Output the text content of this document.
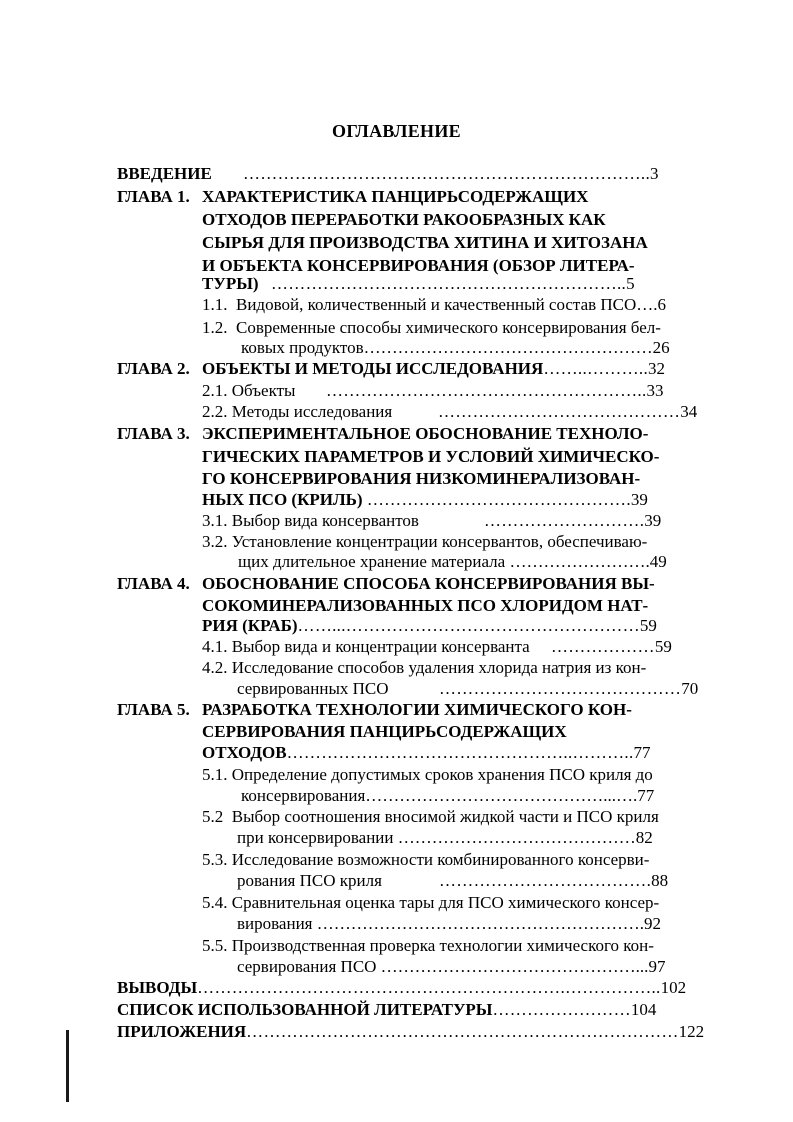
ОГЛАВЛЕНИЕ
ВВЕДЕНИЕ ……………………………………………………………..3
ГЛАВА 1. ХАРАКТЕРИСТИКА ПАНЦИРЬСОДЕРЖАЩИХ
ОТХОДОВ ПЕРЕРАБОТКИ РАКООБРАЗНЫХ КАК
СЫРЬЯ ДЛЯ ПРОИЗВОДСТВА ХИТИНА И ХИТОЗАНА
И ОБЪЕКТА КОНСЕРВИРОВАНИЯ (ОБЗОР ЛИТЕРА-
ТУРЫ) ……………………………………………………..5
1.1. Видовой, количественный и качественный состав ПСО….6
1.2. Современные способы химического консервирования бел-
ковых продуктов……………………………………………26
ГЛАВА 2. ОБЪЕКТЫ И МЕТОДЫ ИССЛЕДОВАНИЯ……..………..32
2.1. Объекты ………………………………………………..33
2.2. Методы исследования	……………………………………34
ГЛАВА 3. ЭКСПЕРИМЕНТАЛЬНОЕ ОБОСНОВАНИЕ ТЕХНОЛО-
ГИЧЕСКИХ ПАРАМЕТРОВ И УСЛОВИЙ ХИМИЧЕСКО-
ГО КОНСЕРВИРОВАНИЯ НИЗКОМИНЕРАЛИЗОВАН-
НЫХ ПСО (КРИЛЬ) ……………………………………….39
3.1. Выбор вида консервантов	……………………….39
3.2. Установление концентрации консервантов, обеспечиваю-
щих длительное хранение материала …………………….49
ГЛАВА 4. ОБОСНОВАНИЕ СПОСОБА КОНСЕРВИРОВАНИЯ ВЫ-
СОКОМИНЕРАЛИЗОВАННЫХ ПСО ХЛОРИДОМ НАТ-
РИЯ (КРАБ)……...……………………………………………59
4.1. Выбор вида и концентрации консерванта ………………59
4.2. Исследование способов удаления хлорида натрия из кон-
сервированных ПСО	……………………………………70
ГЛАВА 5. РАЗРАБОТКА ТЕХНОЛОГИИ ХИМИЧЕСКОГО КОН-
СЕРВИРОВАНИЯ ПАНЦИРЬСОДЕРЖАЩИХ
ОТХОДОВ…………………………………………..………..77
5.1. Определение допустимых сроков хранения ПСО криля до
консервирования……………………………………...….77
5.2 Выбор соотношения вносимой жидкой части и ПСО криля
при консервировании ……………………………………82
5.3. Исследование возможности комбинированного консерви-
рования ПСО криля	……………………………….88
5.4. Сравнительная оценка тары для ПСО химического консер-
вирования ………………………………………………….92
5.5. Производственная проверка технологии химического кон-
сервирования ПСО ………………………………………...97
ВЫВОДЫ……………………………………………………….……………..102
СПИСОК ИСПОЛЬЗОВАННОЙ ЛИТЕРАТУРЫ……………………104
ПРИЛОЖЕНИЯ…………………………………………………………………122
